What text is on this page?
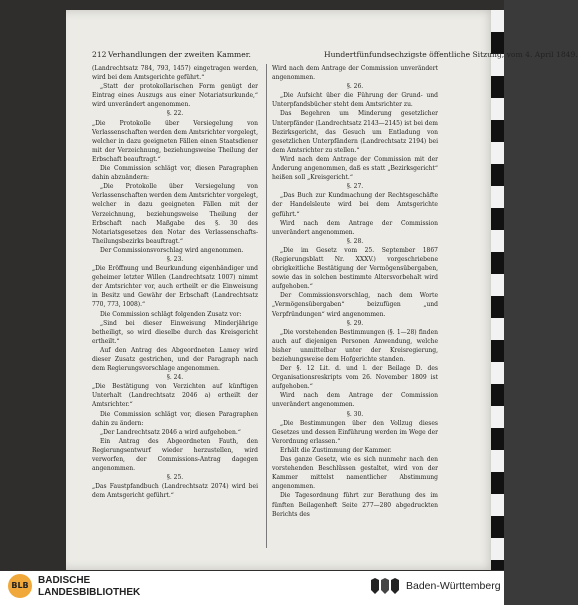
212 Verhandlungen der zweiten Kammer.	Hundertfünfundsechzigste öffentliche Sitzung, vom 4. April 1849.

(Landrechtsatz 784, 793, 1457) eingetragen werden, wird bei dem Amtsgerichte geführt.“

„Statt der protokollarischen Form genügt der Eintrag eines Auszugs aus einer Notariatsurkunde,“ wird unverändert angenommen.

§. 22.

„Die Protokolle über Versiegelung von Verlassenschaften werden dem Amtsrichter vorgelegt, welcher in dazu geeigneten Fällen einen Staatsdiener mit der Verzeichnung, beziehungsweise Theilung der Erbschaft beauftragt.“

Die Commission schlägt vor, diesen Paragraphen dahin abzuändern:

„Die Protokolle über Versiegelung von Verlassenschaften werden dem Amtsrichter vorgelegt, welcher in dazu geeigneten Fällen mit der Verzeichnung, beziehungsweise Theilung der Erbschaft nach Maßgabe des §. 30 des Notariatsgesetzes den Notar des Verlassenschafts-Theilungsbezirks beauftragt.“

Der Commissionsvorschlag wird angenommen.

§. 23.

„Die Eröffnung und Beurkundung eigenhändiger und geheimer letzter Willen (Landrechtsatz 1007) nimmt der Amtsrichter vor, auch ertheilt er die Einweisung in Besitz und Gewähr der Erbschaft (Landrechtsatz 770, 773, 1008).“

Die Commission schlägt folgenden Zusatz vor:

„Sind bei dieser Einweisung Minderjährige betheiligt, so wird dieselbe durch das Kreisgericht ertheilt.“

Auf den Antrag des Abgeordneten Lamey wird dieser Zusatz gestrichen, und der Paragraph nach dem Regierungsvorschlage angenommen.

§. 24.

„Die Bestätigung von Verzichten auf künftigen Unterhalt (Landrechtsatz 2046 a) ertheilt der Amtsrichter.“

Die Commission schlägt vor, diesen Paragraphen dahin zu ändern:

„Der Landrechtsatz 2046 a wird aufgehoben.“

Ein Antrag des Abgeordneten Fauth, den Regierungsentwurf wieder herzustellen, wird verworfen, der Commissions-Antrag dagegen angenommen.

§. 25.

„Das Faustpfandbuch (Landrechtsatz 2074) wird bei dem Amtsgericht geführt.“

Wird nach dem Antrage der Commission unverändert angenommen.

§. 26.

„Die Aufsicht über die Führung der Grund- und Unterpfandsbücher steht dem Amtsrichter zu.

Das Begehren um Minderung gesetzlicher Unterpfänder (Landrechtsatz 2143—2145) ist bei dem Bezirksgericht, das Gesuch um Entladung von gesetzlichen Unterpfändern (Landrechtsatz 2194) bei dem Amtsrichter zu stellen.“

Wird nach dem Antrage der Commission mit der Änderung angenommen, daß es statt „Bezirksgericht“ heißen soll „Kreisgericht.“

§. 27.

„Das Buch zur Kundmachung der Rechtsgeschäfte der Handelsleute wird bei dem Amtsgerichte geführt.“

Wird nach dem Antrage der Commission unverändert angenommen.

§. 28.

„Die im Gesetz vom 25. September 1867 (Regierungsblatt Nr. XXXV.) vorgeschriebene obrigkeitliche Bestätigung der Vermögensübergaben, sowie das in solchen bestimmte Altersvorbehalt wird aufgehoben.“

Der Commissionsvorschlag, nach dem Worte „Vermögensübergaben“ beizufügen „und Verpfründungen“ wird angenommen.

§. 29.

„Die vorstehenden Bestimmungen (§. 1—28) finden auch auf diejenigen Personen Anwendung, welche bisher unmittelbar unter der Kreisregierung, beziehungsweise dem Hofgerichte standen.

Der §. 12 Lit. d. und l. der Beilage D. des Organisationsreskripts vom 26. November 1809 ist aufgehoben.“

Wird nach dem Antrage der Commission unverändert angenommen.

§. 30.

„Die Bestimmungen über den Vollzug dieses Gesetzes und dessen Einführung werden im Wege der Verordnung erlassen.“

Erhält die Zustimmung der Kammer.

Das ganze Gesetz, wie es sich nunmehr nach den vorstehenden Beschlüssen gestaltet, wird von der Kammer mittelst namentlicher Abstimmung angenommen.

Die Tagesordnung führt zur Berathung des im fünften Beilagenheft Seite 277—280 abgedruckten Berichts des

BLB BADISCHE
LANDESBIBLIOTHEK
Baden-Württemberg
